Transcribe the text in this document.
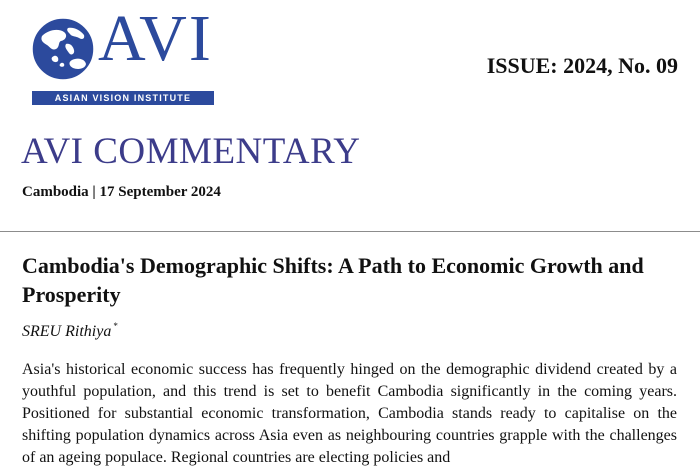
AVI
ASIAN VISION INSTITUTE
ISSUE: 2024, No. 09
AVI COMMENTARY
Cambodia | 17 September 2024
Cambodia's Demographic Shifts: A Path to Economic Growth and Prosperity
SREU Rithiya *

Asia's historical economic success has frequently hinged on the demographic dividend created by a youthful population, and this trend is set to benefit Cambodia significantly in the coming years. Positioned for substantial economic transformation, Cambodia stands ready to capitalise on the shifting population dynamics across Asia even as neighbouring countries grapple with the challenges of an ageing populace. Regional countries are electing policies and
